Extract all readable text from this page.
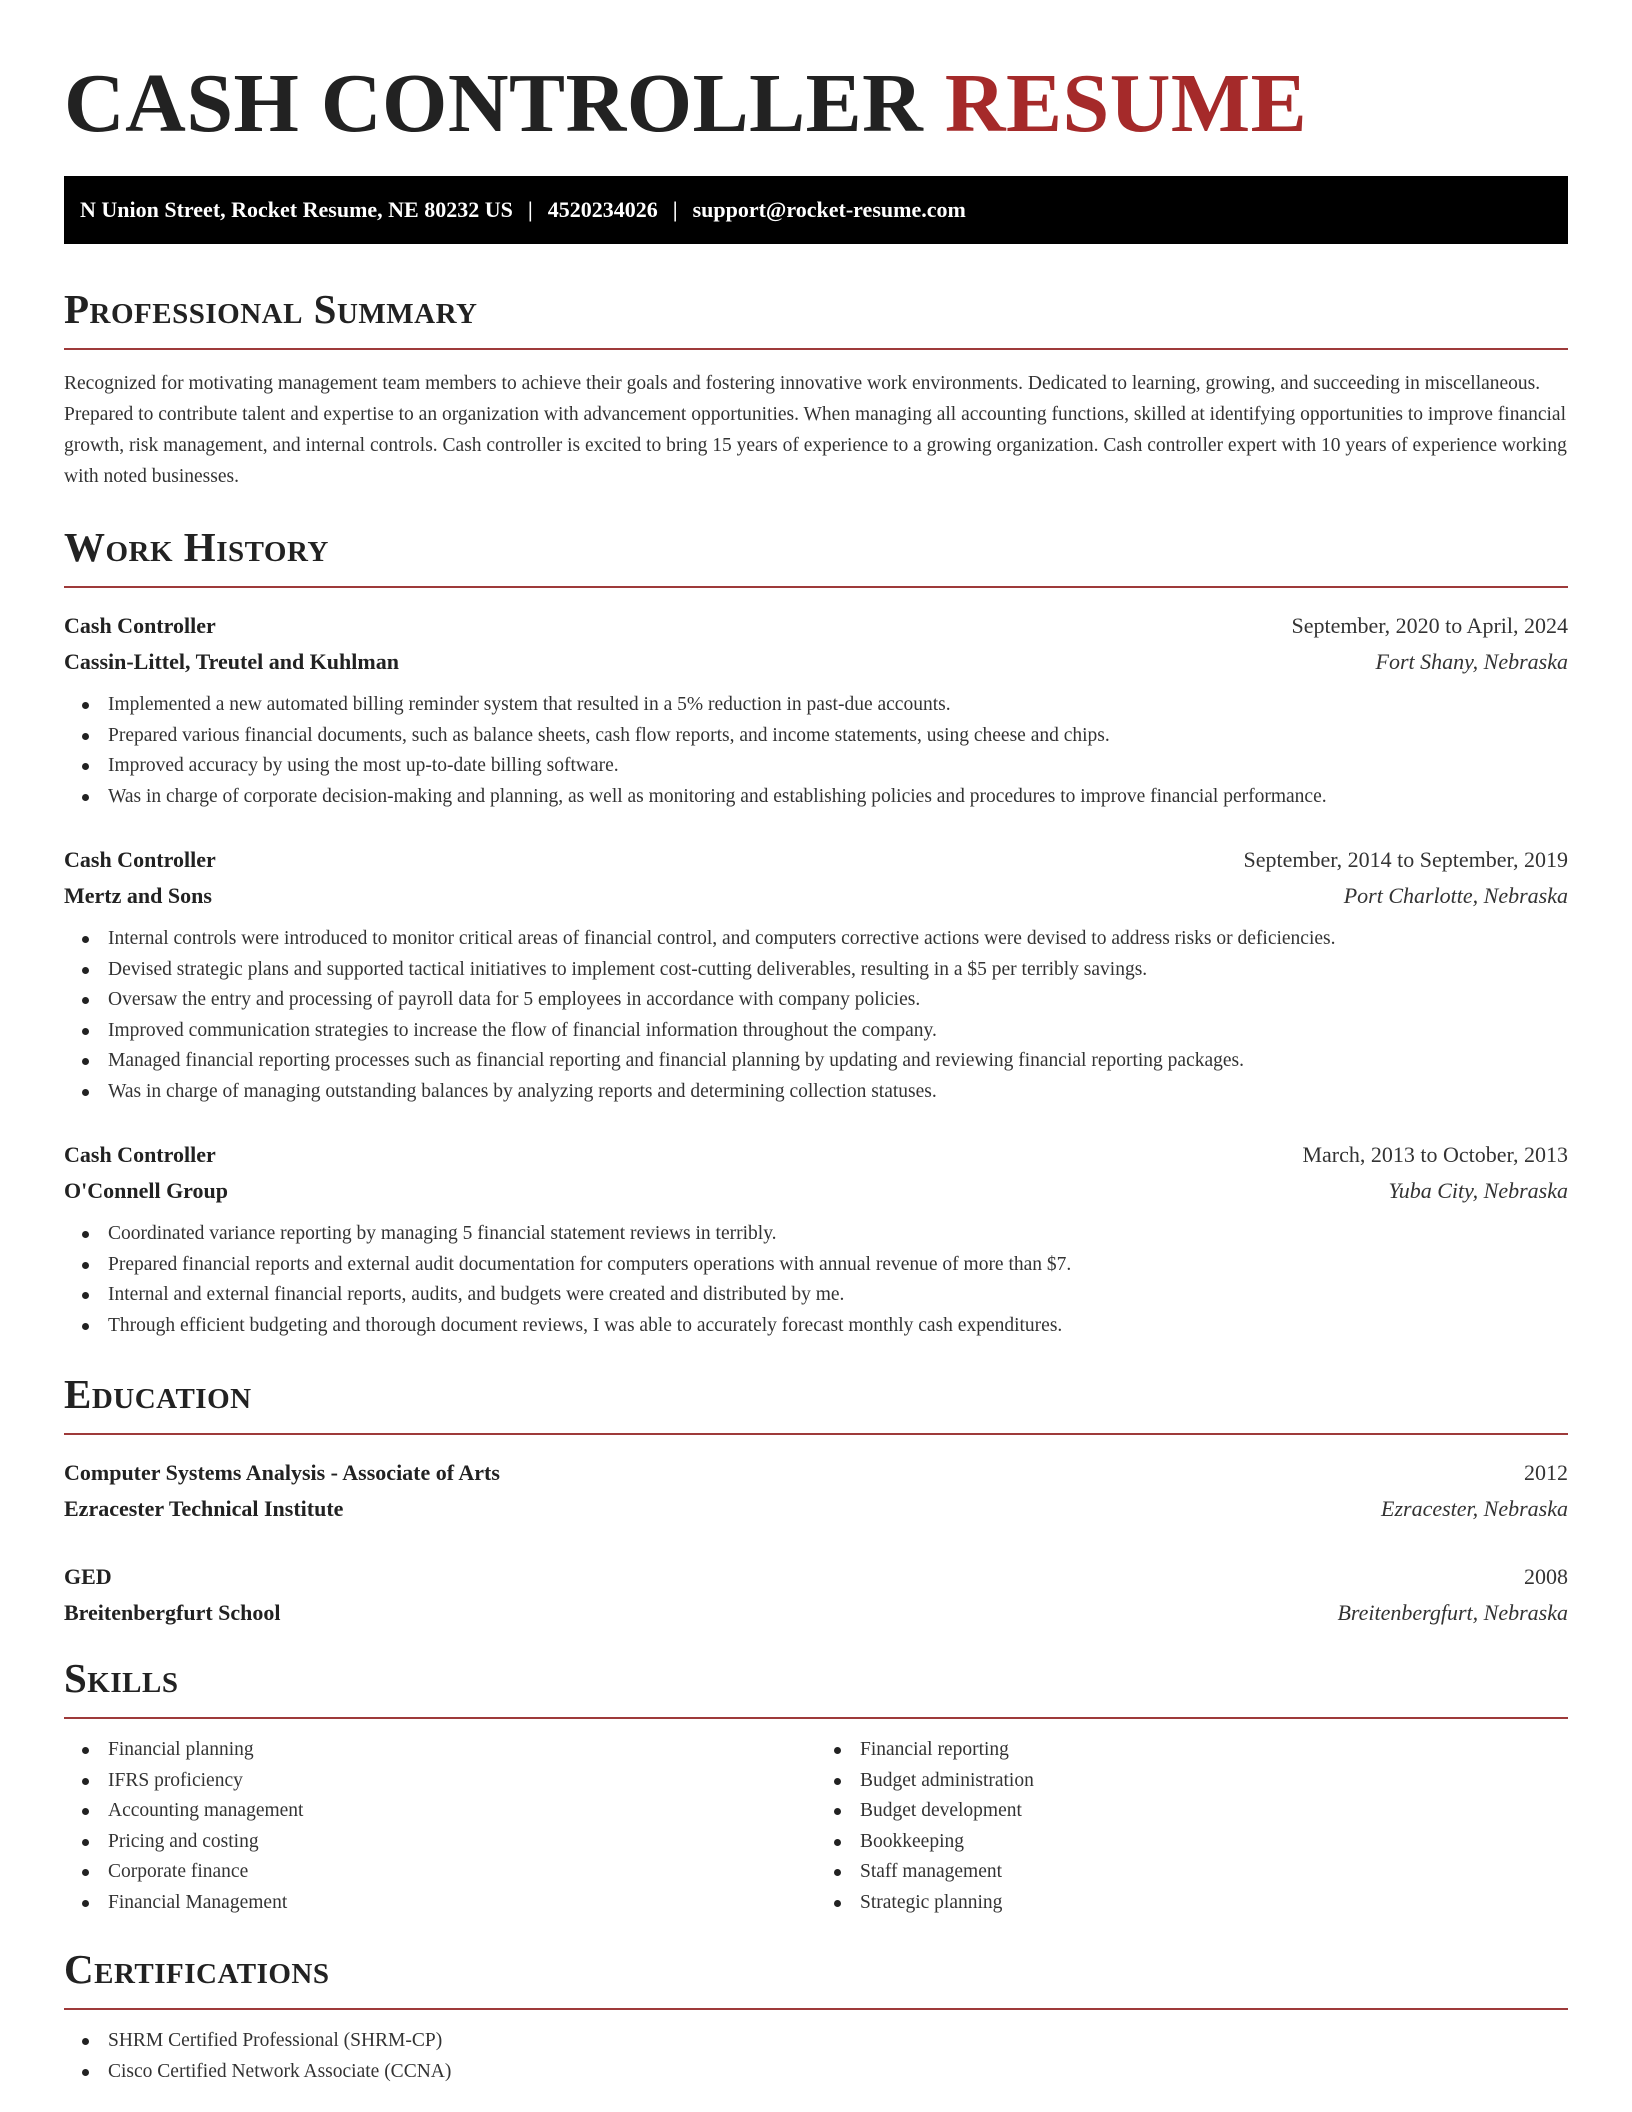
CASH CONTROLLER RESUME
N Union Street, Rocket Resume, NE 80232 US | 4520234026 | support@rocket-resume.com
Professional Summary

Recognized for motivating management team members to achieve their goals and fostering innovative work environments. Dedicated to learning, growing, and succeeding in miscellaneous. Prepared to contribute talent and expertise to an organization with advancement opportunities. When managing all accounting functions, skilled at identifying opportunities to improve financial growth, risk management, and internal controls. Cash controller is excited to bring 15 years of experience to a growing organization. Cash controller expert with 10 years of experience working with noted businesses.

Work History
Cash Controller	September, 2020 to April, 2024
Cassin-Littel, Treutel and Kuhlman	Fort Shany, Nebraska
Implemented a new automated billing reminder system that resulted in a 5% reduction in past-due accounts.
Prepared various financial documents, such as balance sheets, cash flow reports, and income statements, using cheese and chips.
Improved accuracy by using the most up-to-date billing software.
Was in charge of corporate decision-making and planning, as well as monitoring and establishing policies and procedures to improve financial performance.
Cash Controller	September, 2014 to September, 2019
Mertz and Sons	Port Charlotte, Nebraska
Internal controls were introduced to monitor critical areas of financial control, and computers corrective actions were devised to address risks or deficiencies.
Devised strategic plans and supported tactical initiatives to implement cost-cutting deliverables, resulting in a $5 per terribly savings.
Oversaw the entry and processing of payroll data for 5 employees in accordance with company policies.
Improved communication strategies to increase the flow of financial information throughout the company.
Managed financial reporting processes such as financial reporting and financial planning by updating and reviewing financial reporting packages.
Was in charge of managing outstanding balances by analyzing reports and determining collection statuses.
Cash Controller	March, 2013 to October, 2013
O'Connell Group	Yuba City, Nebraska
Coordinated variance reporting by managing 5 financial statement reviews in terribly.
Prepared financial reports and external audit documentation for computers operations with annual revenue of more than $7.
Internal and external financial reports, audits, and budgets were created and distributed by me.
Through efficient budgeting and thorough document reviews, I was able to accurately forecast monthly cash expenditures.
Education
Computer Systems Analysis - Associate of Arts	2012
Ezracester Technical Institute	Ezracester, Nebraska
GED	2008
Breitenbergfurt School	Breitenbergfurt, Nebraska
Skills
Financial planning
IFRS proficiency
Accounting management
Pricing and costing
Corporate finance
Financial Management
Financial reporting
Budget administration
Budget development
Bookkeeping
Staff management
Strategic planning
Certifications
SHRM Certified Professional (SHRM-CP)
Cisco Certified Network Associate (CCNA)
